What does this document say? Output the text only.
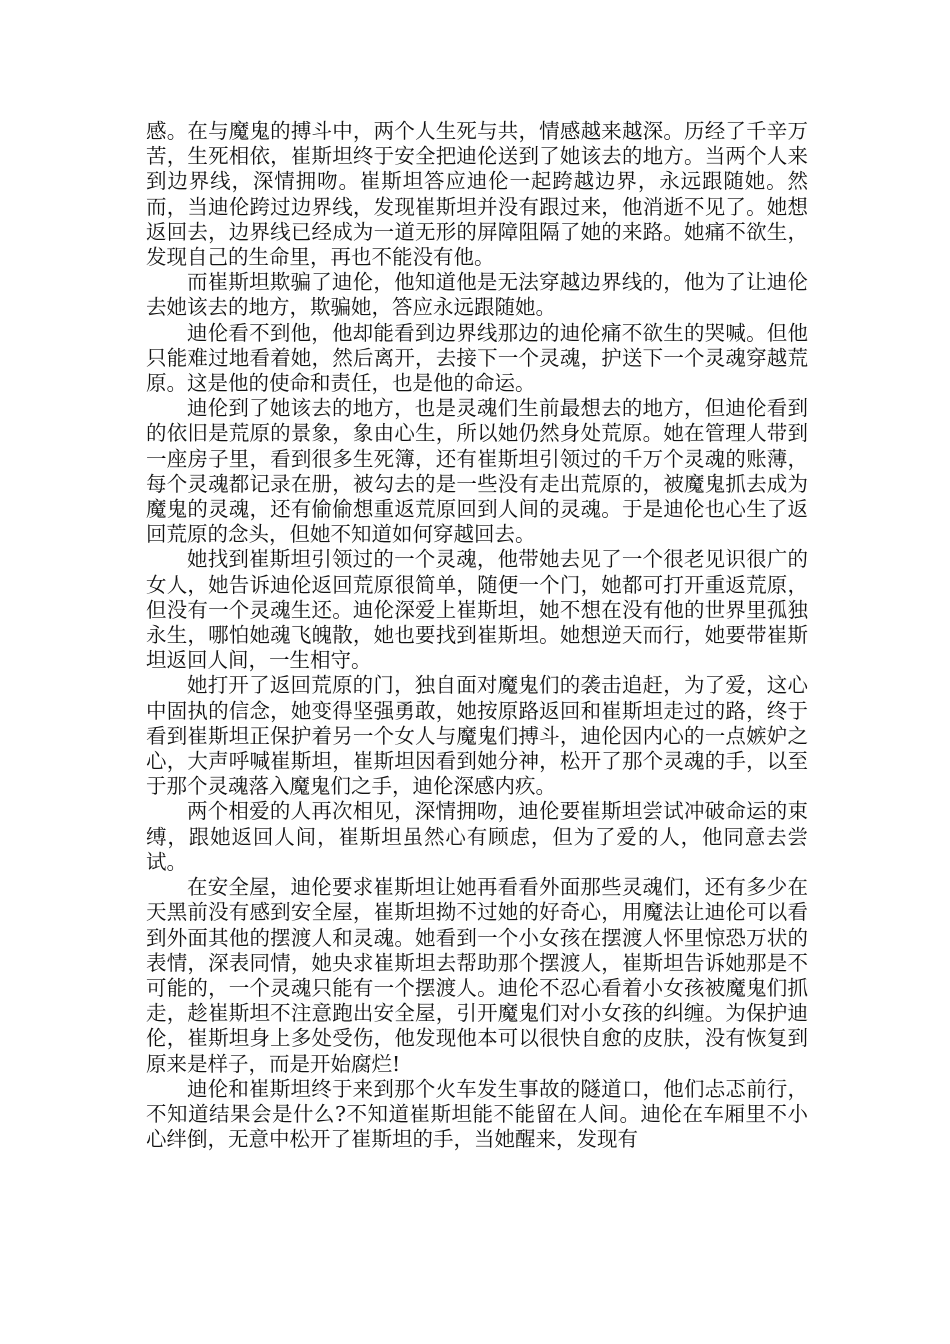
感。在与魔鬼的搏斗中，两个人生死与共，情感越来越深。历经了千辛万苦，生死相依，崔斯坦终于安全把迪伦送到了她该去的地方。当两个人来到边界线，深情拥吻。崔斯坦答应迪伦一起跨越边界，永远跟随她。然而，当迪伦跨过边界线，发现崔斯坦并没有跟过来，他消逝不见了。她想返回去，边界线已经成为一道无形的屏障阻隔了她的来路。她痛不欲生，发现自己的生命里，再也不能没有他。

而崔斯坦欺骗了迪伦，他知道他是无法穿越边界线的，他为了让迪伦去她该去的地方，欺骗她，答应永远跟随她。

迪伦看不到他，他却能看到边界线那边的迪伦痛不欲生的哭喊。但他只能难过地看着她，然后离开，去接下一个灵魂，护送下一个灵魂穿越荒原。这是他的使命和责任，也是他的命运。

迪伦到了她该去的地方，也是灵魂们生前最想去的地方，但迪伦看到的依旧是荒原的景象，象由心生，所以她仍然身处荒原。她在管理人带到一座房子里，看到很多生死簿，还有崔斯坦引领过的千万个灵魂的账薄，每个灵魂都记录在册，被勾去的是一些没有走出荒原的，被魔鬼抓去成为魔鬼的灵魂，还有偷偷想重返荒原回到人间的灵魂。于是迪伦也心生了返回荒原的念头，但她不知道如何穿越回去。

她找到崔斯坦引领过的一个灵魂，他带她去见了一个很老见识很广的女人，她告诉迪伦返回荒原很简单，随便一个门，她都可打开重返荒原，但没有一个灵魂生还。迪伦深爱上崔斯坦，她不想在没有他的世界里孤独永生，哪怕她魂飞魄散，她也要找到崔斯坦。她想逆天而行，她要带崔斯坦返回人间，一生相守。

她打开了返回荒原的门，独自面对魔鬼们的袭击追赶，为了爱，这心中固执的信念，她变得坚强勇敢，她按原路返回和崔斯坦走过的路，终于看到崔斯坦正保护着另一个女人与魔鬼们搏斗，迪伦因内心的一点嫉妒之心，大声呼喊崔斯坦，崔斯坦因看到她分神，松开了那个灵魂的手，以至于那个灵魂落入魔鬼们之手，迪伦深感内疚。

两个相爱的人再次相见，深情拥吻，迪伦要崔斯坦尝试冲破命运的束缚，跟她返回人间，崔斯坦虽然心有顾虑，但为了爱的人，他同意去尝试。

在安全屋，迪伦要求崔斯坦让她再看看外面那些灵魂们，还有多少在天黑前没有感到安全屋，崔斯坦拗不过她的好奇心，用魔法让迪伦可以看到外面其他的摆渡人和灵魂。她看到一个小女孩在摆渡人怀里惊恐万状的表情，深表同情，她央求崔斯坦去帮助那个摆渡人，崔斯坦告诉她那是不可能的，一个灵魂只能有一个摆渡人。迪伦不忍心看着小女孩被魔鬼们抓走，趁崔斯坦不注意跑出安全屋，引开魔鬼们对小女孩的纠缠。为保护迪伦，崔斯坦身上多处受伤，他发现他本可以很快自愈的皮肤，没有恢复到原来是样子，而是开始腐烂!

迪伦和崔斯坦终于来到那个火车发生事故的隧道口，他们忐忑前行，不知道结果会是什么?不知道崔斯坦能不能留在人间。迪伦在车厢里不小心绊倒，无意中松开了崔斯坦的手，当她醒来，发现有
